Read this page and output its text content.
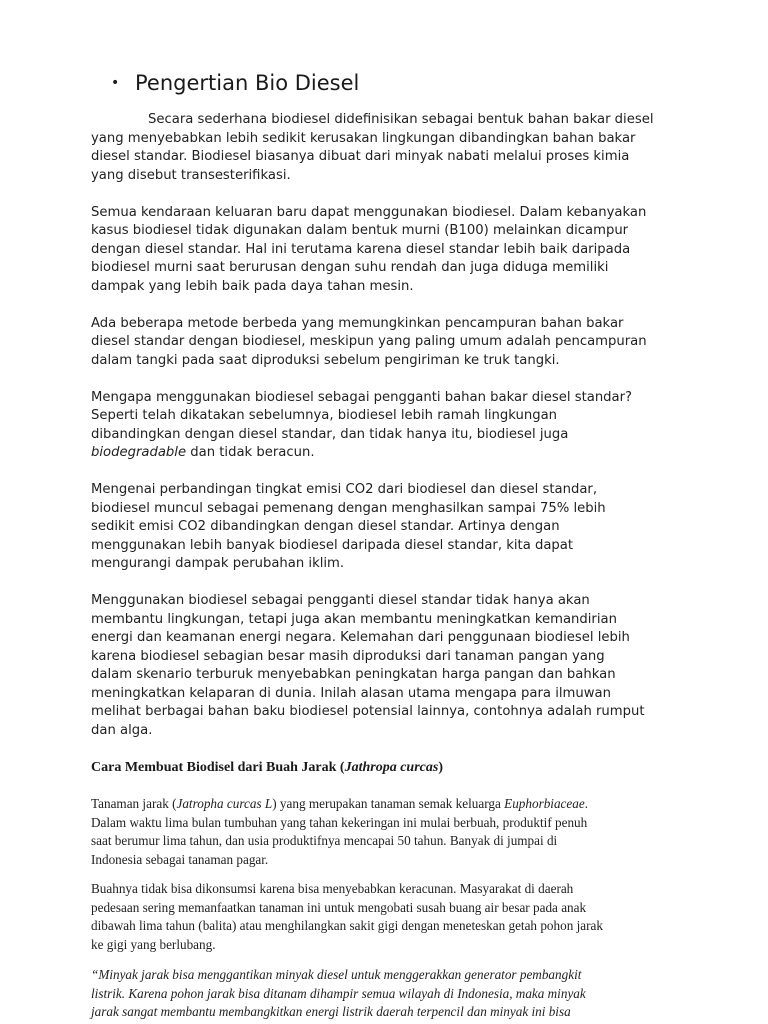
• Pengertian Bio Diesel

Secara sederhana biodiesel didefinisikan sebagai bentuk bahan bakar diesel
yang menyebabkan lebih sedikit kerusakan lingkungan dibandingkan bahan bakar
diesel standar. Biodiesel biasanya dibuat dari minyak nabati melalui proses kimia
yang disebut transesterifikasi.

Semua kendaraan keluaran baru dapat menggunakan biodiesel. Dalam kebanyakan
kasus biodiesel tidak digunakan dalam bentuk murni (B100) melainkan dicampur
dengan diesel standar. Hal ini terutama karena diesel standar lebih baik daripada
biodiesel murni saat berurusan dengan suhu rendah dan juga diduga memiliki
dampak yang lebih baik pada daya tahan mesin.

Ada beberapa metode berbeda yang memungkinkan pencampuran bahan bakar
diesel standar dengan biodiesel, meskipun yang paling umum adalah pencampuran
dalam tangki pada saat diproduksi sebelum pengiriman ke truk tangki.

Mengapa menggunakan biodiesel sebagai pengganti bahan bakar diesel standar?
Seperti telah dikatakan sebelumnya, biodiesel lebih ramah lingkungan
dibandingkan dengan diesel standar, dan tidak hanya itu, biodiesel juga
biodegradable dan tidak beracun.

Mengenai perbandingan tingkat emisi CO2 dari biodiesel dan diesel standar,
biodiesel muncul sebagai pemenang dengan menghasilkan sampai 75% lebih
sedikit emisi CO2 dibandingkan dengan diesel standar. Artinya dengan
menggunakan lebih banyak biodiesel daripada diesel standar, kita dapat
mengurangi dampak perubahan iklim.

Menggunakan biodiesel sebagai pengganti diesel standar tidak hanya akan
membantu lingkungan, tetapi juga akan membantu meningkatkan kemandirian
energi dan keamanan energi negara. Kelemahan dari penggunaan biodiesel lebih
karena biodiesel sebagian besar masih diproduksi dari tanaman pangan yang
dalam skenario terburuk menyebabkan peningkatan harga pangan dan bahkan
meningkatkan kelaparan di dunia. Inilah alasan utama mengapa para ilmuwan
melihat berbagai bahan baku biodiesel potensial lainnya, contohnya adalah rumput
dan alga.

Cara Membuat Biodisel dari Buah Jarak (Jathropa curcas)
Tanaman jarak (Jatropha curcas L) yang merupakan tanaman semak keluarga Euphorbiaceae.
Dalam waktu lima bulan tumbuhan yang tahan kekeringan ini mulai berbuah, produktif penuh
saat berumur lima tahun, dan usia produktifnya mencapai 50 tahun. Banyak di jumpai di
Indonesia sebagai tanaman pagar.
Buahnya tidak bisa dikonsumsi karena bisa menyebabkan keracunan. Masyarakat di daerah
pedesaan sering memanfaatkan tanaman ini untuk mengobati susah buang air besar pada anak
dibawah lima tahun (balita) atau menghilangkan sakit gigi dengan meneteskan getah pohon jarak
ke gigi yang berlubang.
“Minyak jarak bisa menggantikan minyak diesel untuk menggerakkan generator pembangkit
listrik. Karena pohon jarak bisa ditanam dihampir semua wilayah di Indonesia, maka minyak
jarak sangat membantu membangkitkan energi listrik daerah terpencil dan minyak ini bisa
